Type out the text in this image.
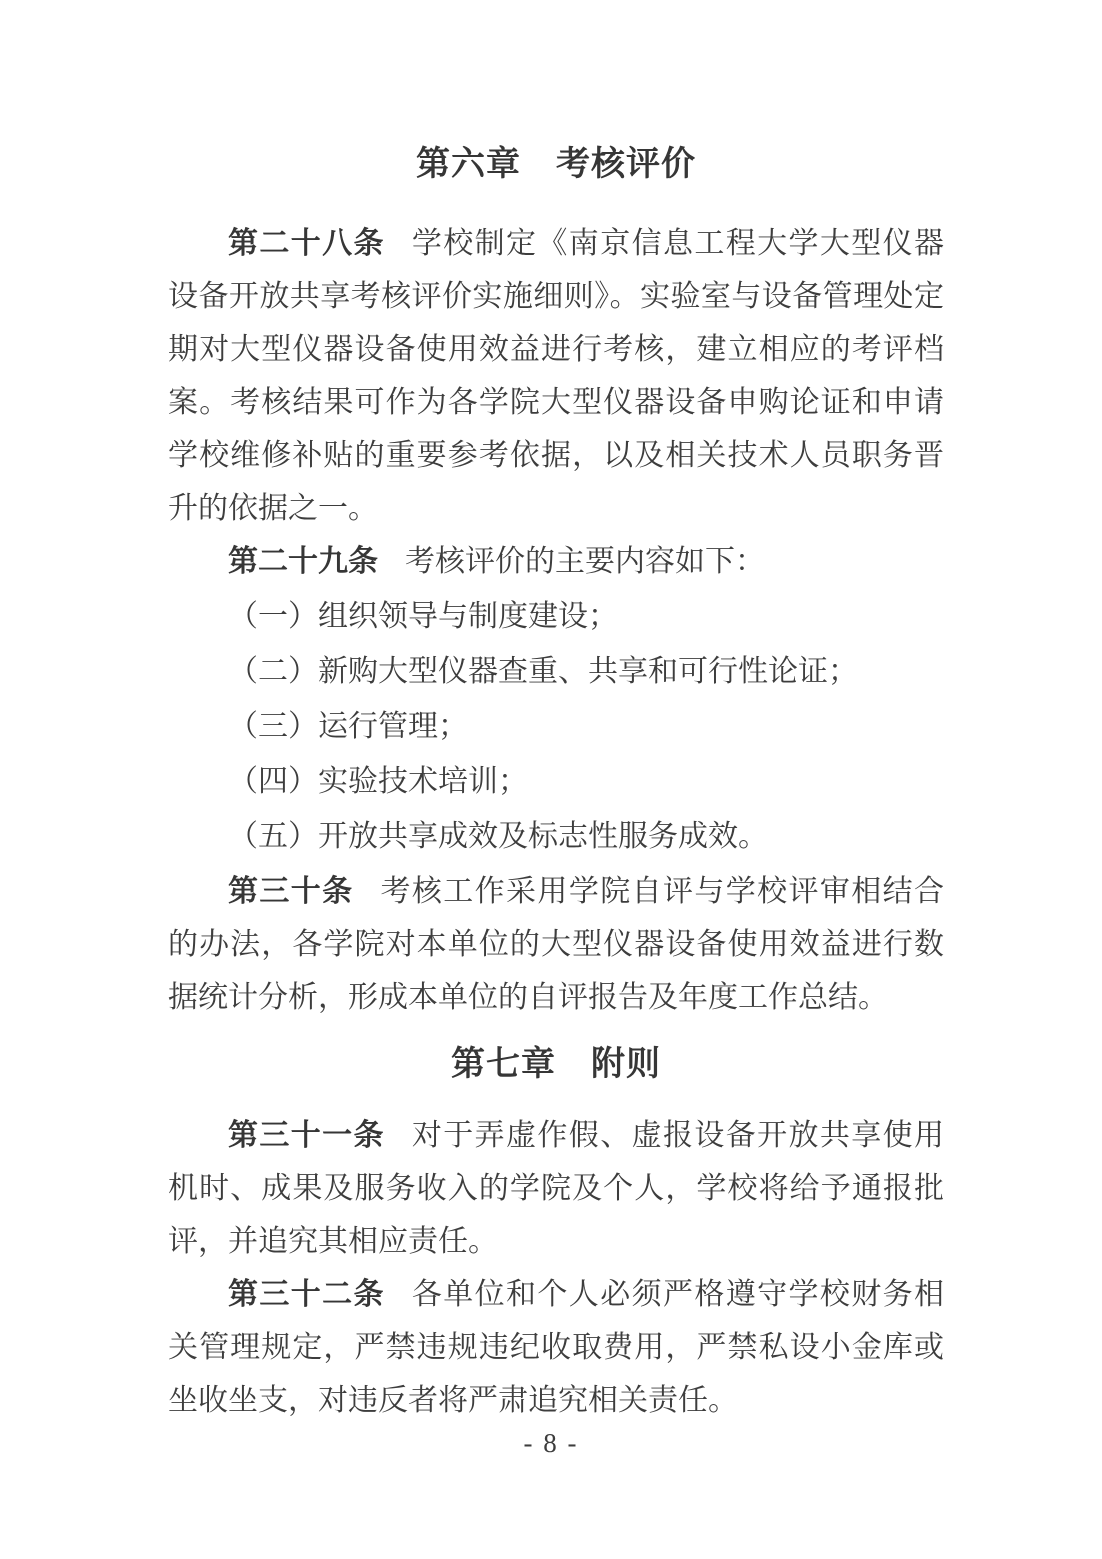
第六章　考核评价

第二十八条 学校制定《南京信息工程大学大型仪器设备开放共享考核评价实施细则》。实验室与设备管理处定期对大型仪器设备使用效益进行考核，建立相应的考评档案。考核结果可作为各学院大型仪器设备申购论证和申请学校维修补贴的重要参考依据，以及相关技术人员职务晋升的依据之一。

第二十九条 考核评价的主要内容如下：

（一）组织领导与制度建设；

（二）新购大型仪器查重、共享和可行性论证；

（三）运行管理；

（四）实验技术培训；

（五）开放共享成效及标志性服务成效。

第三十条 考核工作采用学院自评与学校评审相结合的办法，各学院对本单位的大型仪器设备使用效益进行数据统计分析，形成本单位的自评报告及年度工作总结。

第七章　附则

第三十一条 对于弄虚作假、虚报设备开放共享使用机时、成果及服务收入的学院及个人，学校将给予通报批评，并追究其相应责任。

第三十二条 各单位和个人必须严格遵守学校财务相关管理规定，严禁违规违纪收取费用，严禁私设小金库或坐收坐支，对违反者将严肃追究相关责任。

- 8 -
